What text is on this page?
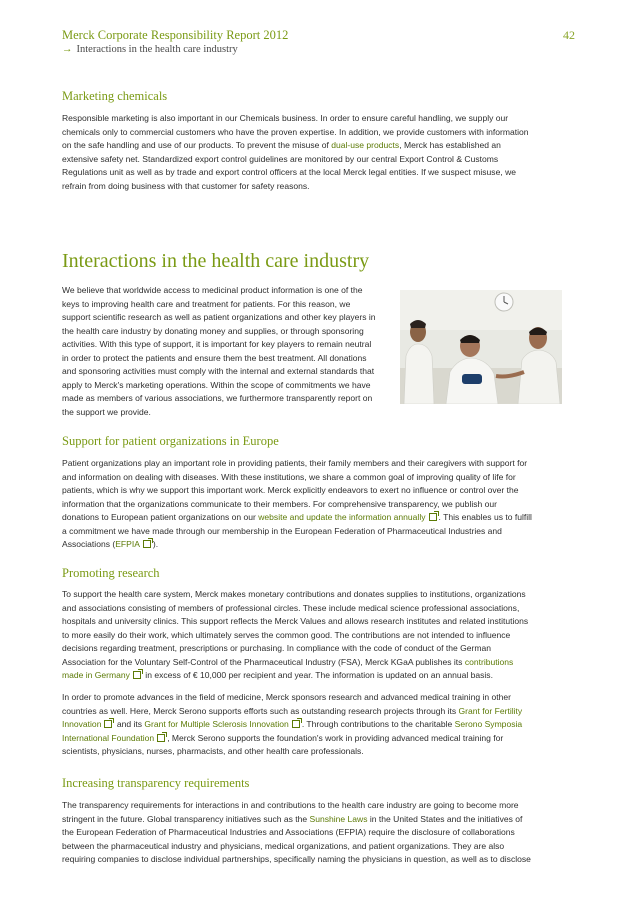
Merck Corporate Responsibility Report 2012	42
→ Interactions in the health care industry
Marketing chemicals
Responsible marketing is also important in our Chemicals business. In order to ensure careful handling, we supply our
chemicals only to commercial customers who have the proven expertise. In addition, we provide customers with information
on the safe handling and use of our products. To prevent the misuse of dual-use products, Merck has established an
extensive safety net. Standardized export control guidelines are monitored by our central Export Control & Customs
Regulations unit as well as by trade and export control officers at the local Merck legal entities. If we suspect misuse, we
refrain from doing business with that customer for safety reasons.
Interactions in the health care industry
We believe that worldwide access to medicinal product information is one of the
keys to improving health care and treatment for patients. For this reason, we
support scientific research as well as patient organizations and other key players in
the health care industry by donating money and supplies, or through sponsoring
activities. With this type of support, it is important for key players to remain neutral
in order to protect the patients and ensure them the best treatment. All donations
and sponsoring activities must comply with the internal and external standards that
apply to Merck's marketing operations. Within the scope of commitments we have
made as members of various associations, we furthermore transparently report on
the support we provide.
Support for patient organizations in Europe
Patient organizations play an important role in providing patients, their family members and their caregivers with support for
and information on dealing with diseases. With these institutions, we share a common goal of improving quality of life for
patients, which is why we support this important work. Merck explicitly endeavors to exert no influence or control over the
information that the organizations communicate to their members. For comprehensive transparency, we publish our
donations to European patient organizations on our website and update the information annually . This enables us to fulfill
a commitment we have made through our membership in the European Federation of Pharmaceutical Industries and
Associations (EFPIA ).
Promoting research
To support the health care system, Merck makes monetary contributions and donates supplies to institutions, organizations
and associations consisting of members of professional circles. These include medical science professional associations,
hospitals and university clinics. This support reflects the Merck Values and allows research institutes and related institutions
to more easily do their work, which ultimately serves the common good. The contributions are not intended to influence
decisions regarding treatment, prescriptions or purchasing. In compliance with the code of conduct of the German
Association for the Voluntary Self-Control of the Pharmaceutical Industry (FSA), Merck KGaA publishes its contributions
made in Germany in excess of € 10,000 per recipient and year. The information is updated on an annual basis.
In order to promote advances in the field of medicine, Merck sponsors research and advanced medical training in other
countries as well. Here, Merck Serono supports efforts such as outstanding research projects through its Grant for Fertility
Innovation and its Grant for Multiple Sclerosis Innovation . Through contributions to the charitable Serono Symposia
International Foundation , Merck Serono supports the foundation's work in providing advanced medical training for
scientists, physicians, nurses, pharmacists, and other health care professionals.
Increasing transparency requirements
The transparency requirements for interactions in and contributions to the health care industry are going to become more
stringent in the future. Global transparency initiatives such as the Sunshine Laws in the United States and the initiatives of
the European Federation of Pharmaceutical Industries and Associations (EFPIA) require the disclosure of collaborations
between the pharmaceutical industry and physicians, medical organizations, and patient organizations. They are also
requiring companies to disclose individual partnerships, specifically naming the physicians in question, as well as to disclose
